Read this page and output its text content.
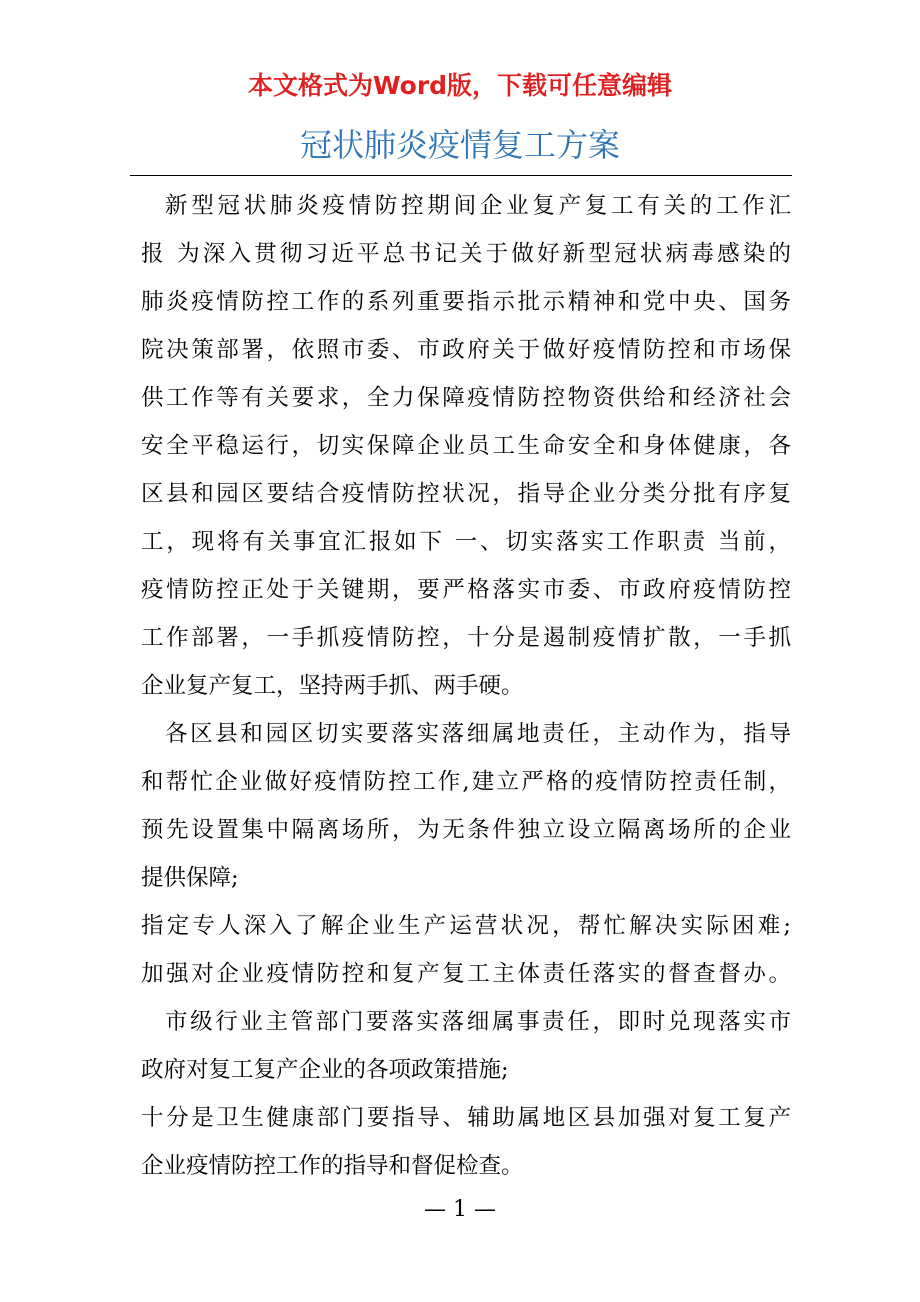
本文格式为Word版，下载可任意编辑
冠状肺炎疫情复工方案
新型冠状肺炎疫情防控期间企业复产复工有关的工作汇
报 为深入贯彻习近平总书记关于做好新型冠状病毒感染的
肺炎疫情防控工作的系列重要指示批示精神和党中央、国务
院决策部署，依照市委、市政府关于做好疫情防控和市场保
供工作等有关要求，全力保障疫情防控物资供给和经济社会
安全平稳运行，切实保障企业员工生命安全和身体健康，各
区县和园区要结合疫情防控状况，指导企业分类分批有序复
工，现将有关事宜汇报如下 一、切实落实工作职责 当前，
疫情防控正处于关键期，要严格落实市委、市政府疫情防控
工作部署，一手抓疫情防控，十分是遏制疫情扩散，一手抓
企业复产复工，坚持两手抓、两手硬。
各区县和园区切实要落实落细属地责任，主动作为，指导
和帮忙企业做好疫情防控工作,建立严格的疫情防控责任制，
预先设置集中隔离场所，为无条件独立设立隔离场所的企业
提供保障;
指定专人深入了解企业生产运营状况，帮忙解决实际困难;
加强对企业疫情防控和复产复工主体责任落实的督查督办。
市级行业主管部门要落实落细属事责任，即时兑现落实市
政府对复工复产企业的各项政策措施;
十分是卫生健康部门要指导、辅助属地区县加强对复工复产
企业疫情防控工作的指导和督促检查。
— 1 —
